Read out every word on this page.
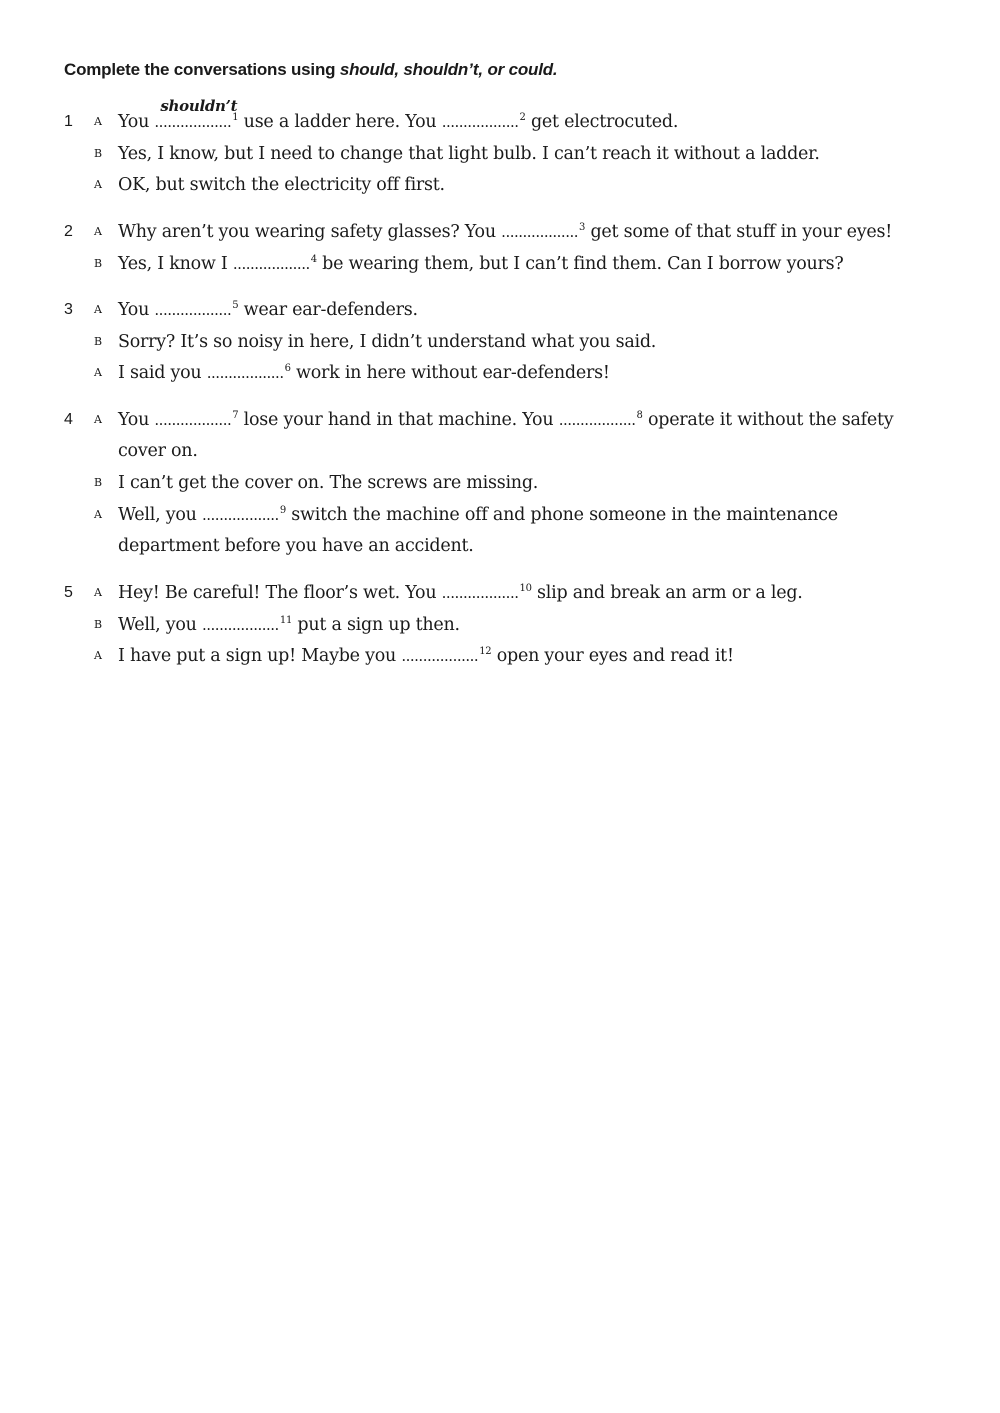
Complete the conversations using should, shouldn’t, or could.
1 A You
shouldn’t
..................$^1$ use a ladder here. You ..................$^2$ get electrocuted.
B Yes, I know, but I need to change that light bulb. I can’t reach it without a ladder.
A OK, but switch the electricity off first.
2 A Why aren’t you wearing safety glasses? You ..................$^3$ get some of that stuff in your eyes!
B Yes, I know I ..................$^4$ be wearing them, but I can’t find them. Can I borrow yours?
3 A You ..................$^5$ wear ear-defenders.
B Sorry? It’s so noisy in here, I didn’t understand what you said.
A I said you ..................$^6$ work in here without ear-defenders!
4 A You ..................$^7$ lose your hand in that machine. You ..................$^8$ operate it without the safety
cover on.
B I can’t get the cover on. The screws are missing.
A Well, you ..................$^9$ switch the machine off and phone someone in the maintenance
department before you have an accident.
5 A Hey! Be careful! The floor’s wet. You ..................$^{10}$ slip and break an arm or a leg.
B Well, you ..................$^{11}$ put a sign up then.
A I have put a sign up! Maybe you ..................$^{12}$ open your eyes and read it!
